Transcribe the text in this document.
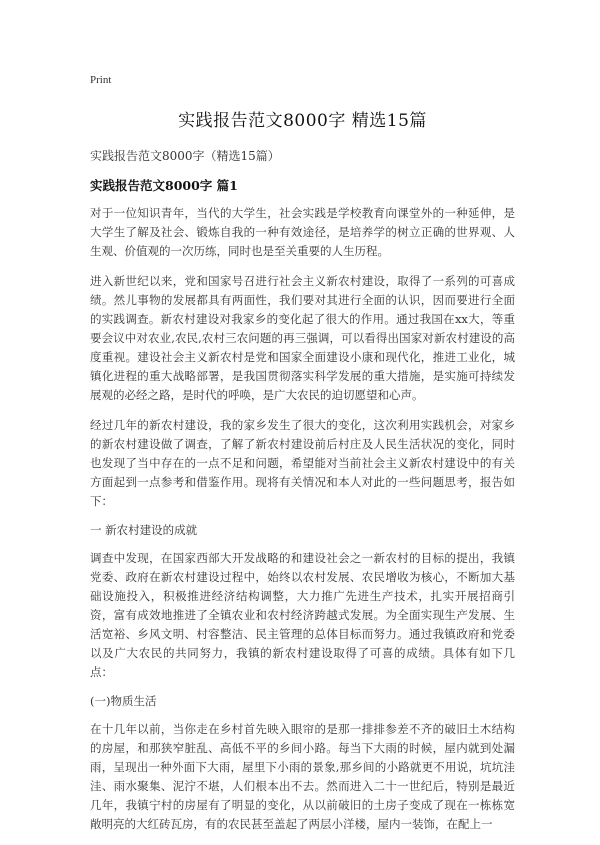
Print
实践报告范文8000字 精选15篇

实践报告范文8000字（精选15篇）

实践报告范文8000字 篇1

对于一位知识青年，当代的大学生，社会实践是学校教育向课堂外的一种延伸，是大学生了解及社会、锻炼自我的一种有效途径，是培养学的树立正确的世界观、人生观、价值观的一次历练，同时也是至关重要的人生历程。

进入新世纪以来，党和国家号召进行社会主义新农村建设，取得了一系列的可喜成绩。然儿事物的发展都具有两面性，我们要对其进行全面的认识，因而要进行全面的实践调查。新农村建设对我家乡的变化起了很大的作用。通过我国在xx大，等重要会议中对农业,农民,农村三农问题的再三强调，可以看得出国家对新农村建设的高度重视。建设社会主义新农村是党和国家全面建设小康和现代化，推进工业化，城镇化进程的重大战略部署，是我国贯彻落实科学发展的重大措施，是实施可持续发展观的必经之路，是时代的呼唤，是广大农民的迫切愿望和心声。

经过几年的新农村建设，我的家乡发生了很大的变化，这次利用实践机会，对家乡的新农村建设做了调查，了解了新农村建设前后村庄及人民生活状况的变化，同时也发现了当中存在的一点不足和问题，希望能对当前社会主义新农村建设中的有关方面起到一点参考和借鉴作用。现将有关情况和本人对此的一些问题思考，报告如下：

一 新农村建设的成就

调查中发现，在国家西部大开发战略的和建设社会之一新农村的目标的提出，我镇党委、政府在新农村建设过程中，始终以农村发展、农民增收为核心，不断加大基础设施投入，积极推进经济结构调整，大力推广先进生产技术，扎实开展招商引资，富有成效地推进了全镇农业和农村经济跨越式发展。为全面实现生产发展、生活宽裕、乡风文明、村容整洁、民主管理的总体目标而努力。通过我镇政府和党委以及广大农民的共同努力，我镇的新农村建设取得了可喜的成绩。具体有如下几点：

(一)物质生活

在十几年以前，当你走在乡村首先映入眼帘的是那一排排参差不齐的破旧土木结构的房屋，和那狭窄脏乱、高低不平的乡间小路。每当下大雨的时候，屋内就到处漏雨，呈现出一种外面下大雨，屋里下小雨的景象,那乡间的小路就更不用说，坑坑洼洼、雨水聚集、泥泞不堪，人们根本出不去。然而进入二十一世纪后，特别是最近几年，我镇宁村的房屋有了明显的变化，从以前破旧的土房子变成了现在一栋栋宽敞明亮的大红砖瓦房，有的农民甚至盖起了两层小洋楼，屋内一装饰，在配上一
